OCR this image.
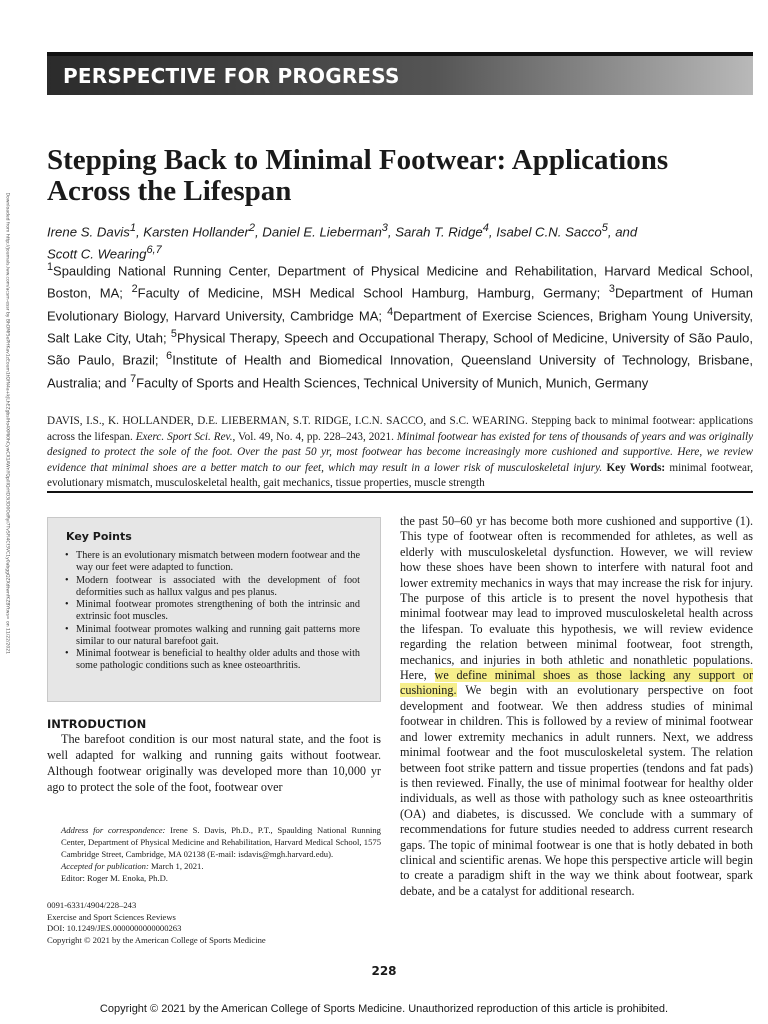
PERSPECTIVE FOR PROGRESS
Downloaded from http://journals.lww.com/acsm-essr by BhDMf5ePHKav1zEoum1tQfN4a+kJLhEZgbsIHo4XMi0hCywCX1AWnYQp/IlQrHD3i3D0OdRyi7TvSFl4Cf3VC1y0abggQZXdtwnfKZBYtws= on 11/22/2021
Stepping Back to Minimal Footwear: Applications Across the Lifespan
Irene S. Davis$^1$, Karsten Hollander$^2$, Daniel E. Lieberman$^3$, Sarah T. Ridge$^4$, Isabel C.N. Sacco$^5$, and
Scott C. Wearing$^{6,7}$
$^1$Spaulding National Running Center, Department of Physical Medicine and Rehabilitation, Harvard Medical School, Boston, MA; $^2$Faculty of Medicine, MSH Medical School Hamburg, Hamburg, Germany; $^3$Department of Human Evolutionary Biology, Harvard University, Cambridge MA; $^4$Department of Exercise Sciences, Brigham Young University, Salt Lake City, Utah; $^5$Physical Therapy, Speech and Occupational Therapy, School of Medicine, University of São Paulo, São Paulo, Brazil; $^6$Institute of Health and Biomedical Innovation, Queensland University of Technology, Brisbane, Australia; and $^7$Faculty of Sports and Health Sciences, Technical University of Munich, Munich, Germany
DAVIS, I.S., K. HOLLANDER, D.E. LIEBERMAN, S.T. RIDGE, I.C.N. SACCO, and S.C. WEARING. Stepping back to minimal footwear: applications across the lifespan. Exerc. Sport Sci. Rev., Vol. 49, No. 4, pp. 228–243, 2021. Minimal footwear has existed for tens of thousands of years and was originally designed to protect the sole of the foot. Over the past 50 yr, most footwear has become increasingly more cushioned and supportive. Here, we review evidence that minimal shoes are a better match to our feet, which may result in a lower risk of musculoskeletal injury. Key Words: minimal footwear, evolutionary mismatch, musculoskeletal health, gait mechanics, tissue properties, muscle strength
Key Points
• There is an evolutionary mismatch between modern footwear and the way our feet were adapted to function.
• Modern footwear is associated with the development of foot deformities such as hallux valgus and pes planus.
• Minimal footwear promotes strengthening of both the intrinsic and extrinsic foot muscles.
• Minimal footwear promotes walking and running gait patterns more similar to our natural barefoot gait.
• Minimal footwear is beneficial to healthy older adults and those with some pathologic conditions such as knee osteoarthritis.
INTRODUCTION
The barefoot condition is our most natural state, and the foot is well adapted for walking and running gaits without footwear. Although footwear originally was developed more than 10,000 yr ago to protect the sole of the foot, footwear over
the past 50–60 yr has become both more cushioned and supportive (1). This type of footwear often is recommended for athletes, as well as elderly with musculoskeletal dysfunction. However, we will review how these shoes have been shown to interfere with natural foot and lower extremity mechanics in ways that may increase the risk for injury. The purpose of this article is to present the novel hypothesis that minimal footwear may lead to improved musculoskeletal health across the lifespan. To evaluate this hypothesis, we will review evidence regarding the relation between minimal footwear, foot strength, mechanics, and injuries in both athletic and nonathletic populations. Here, we define minimal shoes as those lacking any support or cushioning. We begin with an evolutionary perspective on foot development and footwear. We then address studies of minimal footwear in children. This is followed by a review of minimal footwear and lower extremity mechanics in adult runners. Next, we address minimal footwear and the foot musculoskeletal system. The relation between foot strike pattern and tissue properties (tendons and fat pads) is then reviewed. Finally, the use of minimal footwear for healthy older individuals, as well as those with pathology such as knee osteoarthritis (OA) and diabetes, is discussed. We conclude with a summary of recommendations for future studies needed to address current research gaps. The topic of minimal footwear is one that is hotly debated in both clinical and scientific arenas. We hope this perspective article will begin to create a paradigm shift in the way we think about footwear, spark debate, and be a catalyst for additional research.
Address for correspondence: Irene S. Davis, Ph.D., P.T., Spaulding National Running Center, Department of Physical Medicine and Rehabilitation, Harvard Medical School, 1575 Cambridge Street, Cambridge, MA 02138 (E-mail: isdavis@mgh.harvard.edu).
Accepted for publication: March 1, 2021.
Editor: Roger M. Enoka, Ph.D.
0091-6331/4904/228–243
Exercise and Sport Sciences Reviews
DOI: 10.1249/JES.0000000000000263
Copyright © 2021 by the American College of Sports Medicine
228
Copyright © 2021 by the American College of Sports Medicine. Unauthorized reproduction of this article is prohibited.
